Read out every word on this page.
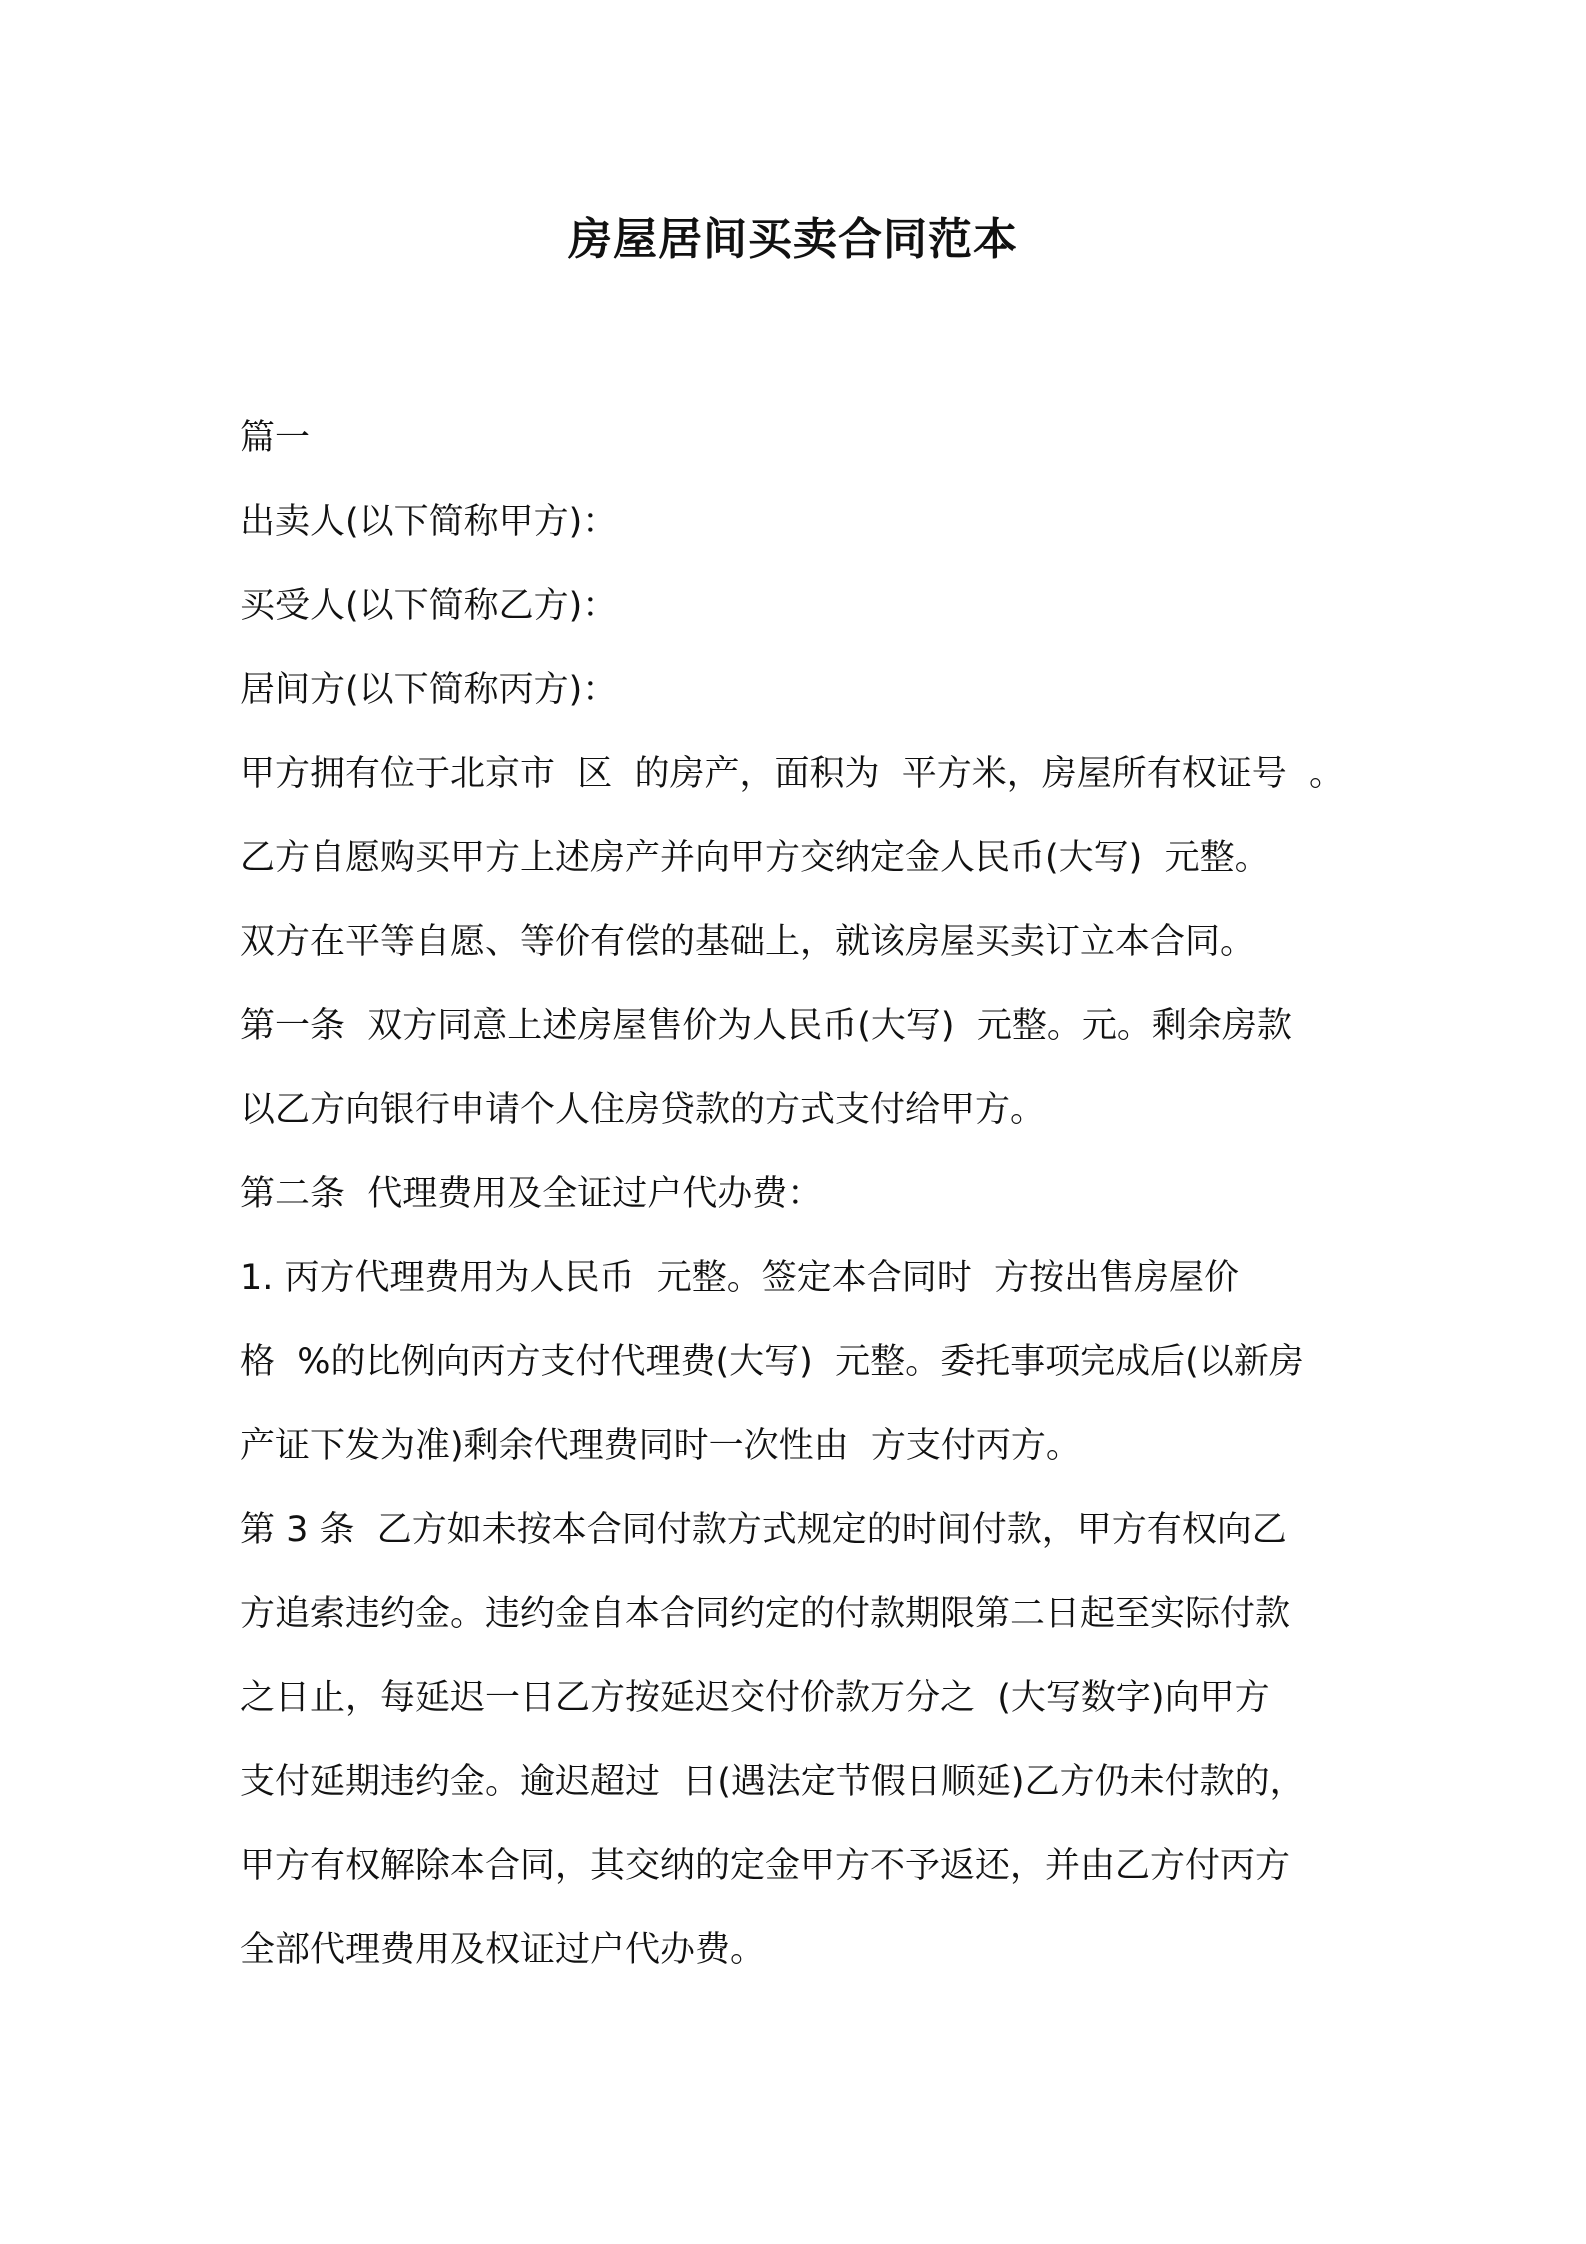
房屋居间买卖合同范本
篇一
出卖人(以下简称甲方)：
买受人(以下简称乙方)：
居间方(以下简称丙方)：
甲方拥有位于北京市  区  的房产，面积为  平方米，房屋所有权证号  。
乙方自愿购买甲方上述房产并向甲方交纳定金人民币(大写)  元整。
双方在平等自愿、等价有偿的基础上，就该房屋买卖订立本合同。
第一条  双方同意上述房屋售价为人民币(大写)  元整。元。剩余房款
以乙方向银行申请个人住房贷款的方式支付给甲方。
第二条  代理费用及全证过户代办费：
1. 丙方代理费用为人民币  元整。签定本合同时  方按出售房屋价
格  %的比例向丙方支付代理费(大写)  元整。委托事项完成后(以新房
产证下发为准)剩余代理费同时一次性由  方支付丙方。
第 3 条  乙方如未按本合同付款方式规定的时间付款，甲方有权向乙
方追索违约金。违约金自本合同约定的付款期限第二日起至实际付款
之日止，每延迟一日乙方按延迟交付价款万分之  (大写数字)向甲方
支付延期违约金。逾迟超过  日(遇法定节假日顺延)乙方仍未付款的，
甲方有权解除本合同，其交纳的定金甲方不予返还，并由乙方付丙方
全部代理费用及权证过户代办费。
